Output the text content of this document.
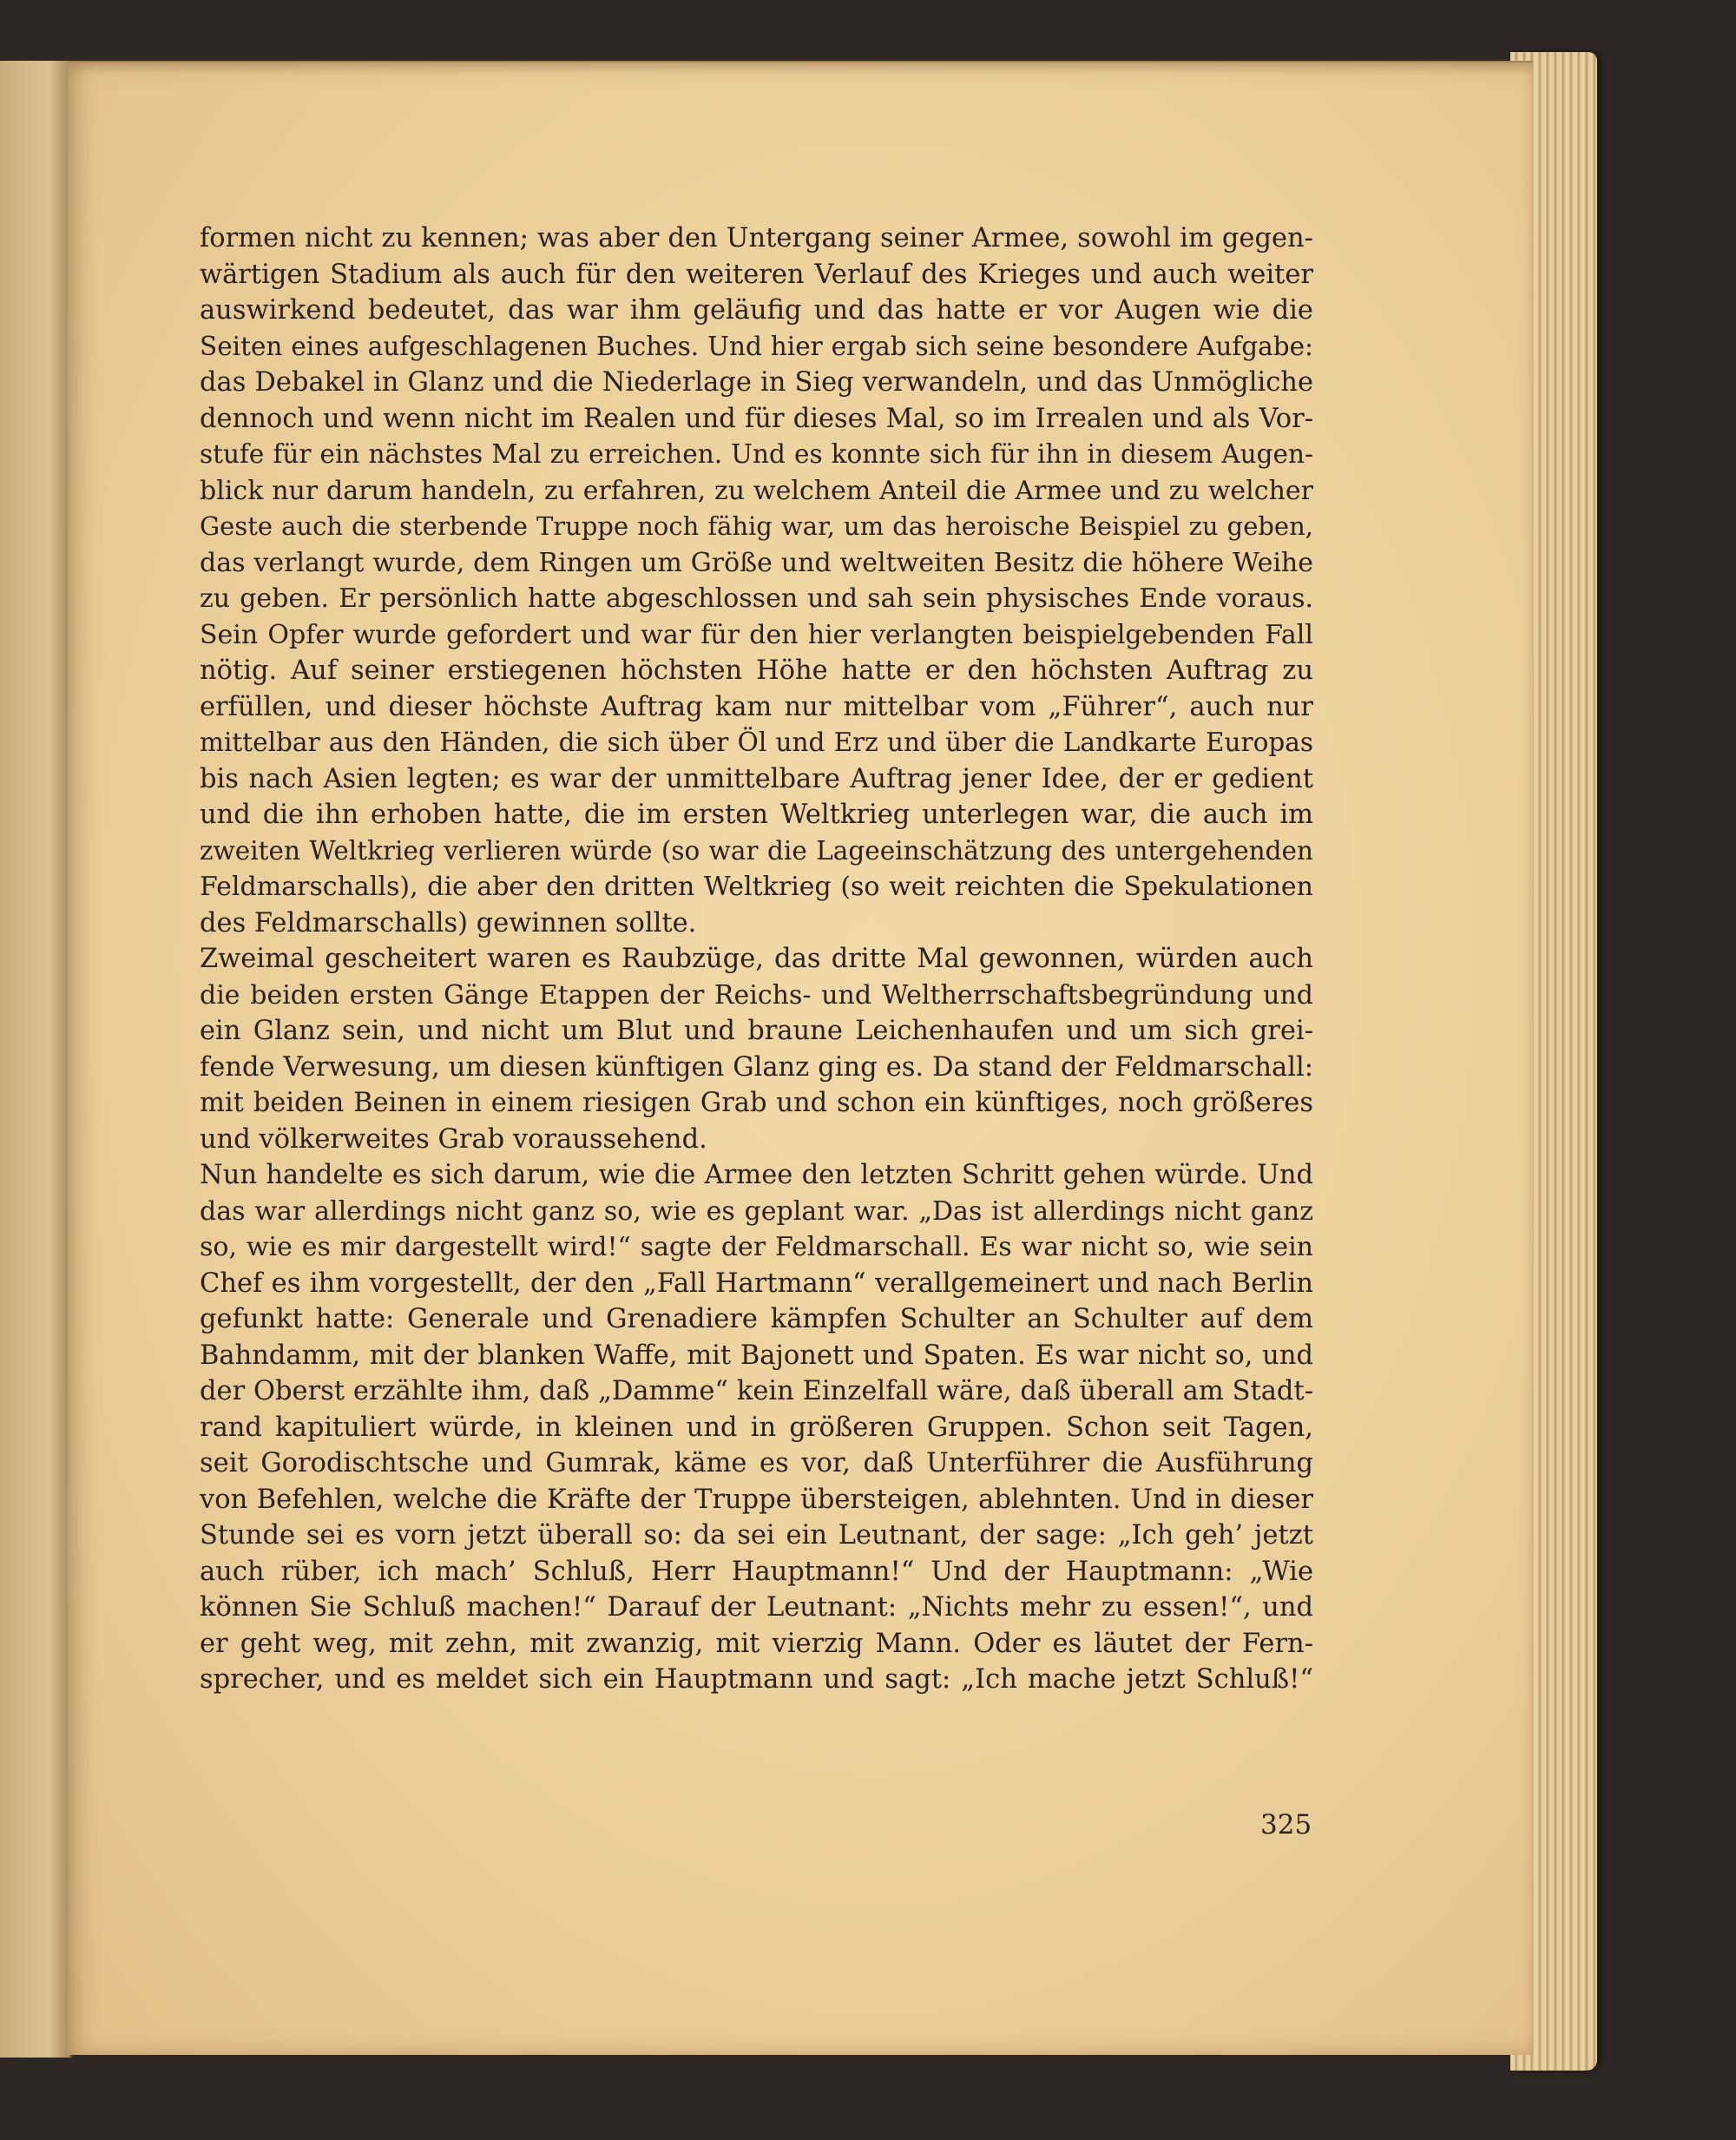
formen nicht zu kennen; was aber den Untergang seiner Armee, sowohl im gegen-
wärtigen Stadium als auch für den weiteren Verlauf des Krieges und auch weiter
auswirkend bedeutet, das war ihm geläufig und das hatte er vor Augen wie die
Seiten eines aufgeschlagenen Buches. Und hier ergab sich seine besondere Aufgabe:
das Debakel in Glanz und die Niederlage in Sieg verwandeln, und das Unmögliche
dennoch und wenn nicht im Realen und für dieses Mal, so im Irrealen und als Vor-
stufe für ein nächstes Mal zu erreichen. Und es konnte sich für ihn in diesem Augen-
blick nur darum handeln, zu erfahren, zu welchem Anteil die Armee und zu welcher
Geste auch die sterbende Truppe noch fähig war, um das heroische Beispiel zu geben,
das verlangt wurde, dem Ringen um Größe und weltweiten Besitz die höhere Weihe
zu geben. Er persönlich hatte abgeschlossen und sah sein physisches Ende voraus.
Sein Opfer wurde gefordert und war für den hier verlangten beispielgebenden Fall
nötig. Auf seiner erstiegenen höchsten Höhe hatte er den höchsten Auftrag zu
erfüllen, und dieser höchste Auftrag kam nur mittelbar vom „Führer“, auch nur
mittelbar aus den Händen, die sich über Öl und Erz und über die Landkarte Europas
bis nach Asien legten; es war der unmittelbare Auftrag jener Idee, der er gedient
und die ihn erhoben hatte, die im ersten Weltkrieg unterlegen war, die auch im
zweiten Weltkrieg verlieren würde (so war die Lageeinschätzung des untergehenden
Feldmarschalls), die aber den dritten Weltkrieg (so weit reichten die Spekulationen
des Feldmarschalls) gewinnen sollte.
Zweimal gescheitert waren es Raubzüge, das dritte Mal gewonnen, würden auch
die beiden ersten Gänge Etappen der Reichs- und Weltherrschaftsbegründung und
ein Glanz sein, und nicht um Blut und braune Leichenhaufen und um sich grei-
fende Verwesung, um diesen künftigen Glanz ging es. Da stand der Feldmarschall:
mit beiden Beinen in einem riesigen Grab und schon ein künftiges, noch größeres
und völkerweites Grab voraussehend.
Nun handelte es sich darum, wie die Armee den letzten Schritt gehen würde. Und
das war allerdings nicht ganz so, wie es geplant war. „Das ist allerdings nicht ganz
so, wie es mir dargestellt wird!“ sagte der Feldmarschall. Es war nicht so, wie sein
Chef es ihm vorgestellt, der den „Fall Hartmann“ verallgemeinert und nach Berlin
gefunkt hatte: Generale und Grenadiere kämpfen Schulter an Schulter auf dem
Bahndamm, mit der blanken Waffe, mit Bajonett und Spaten. Es war nicht so, und
der Oberst erzählte ihm, daß „Damme“ kein Einzelfall wäre, daß überall am Stadt-
rand kapituliert würde, in kleinen und in größeren Gruppen. Schon seit Tagen,
seit Gorodischtsche und Gumrak, käme es vor, daß Unterführer die Ausführung
von Befehlen, welche die Kräfte der Truppe übersteigen, ablehnten. Und in dieser
Stunde sei es vorn jetzt überall so: da sei ein Leutnant, der sage: „Ich geh’ jetzt
auch rüber, ich mach’ Schluß, Herr Hauptmann!“ Und der Hauptmann: „Wie
können Sie Schluß machen!“ Darauf der Leutnant: „Nichts mehr zu essen!“, und
er geht weg, mit zehn, mit zwanzig, mit vierzig Mann. Oder es läutet der Fern-
sprecher, und es meldet sich ein Hauptmann und sagt: „Ich mache jetzt Schluß!“
325
